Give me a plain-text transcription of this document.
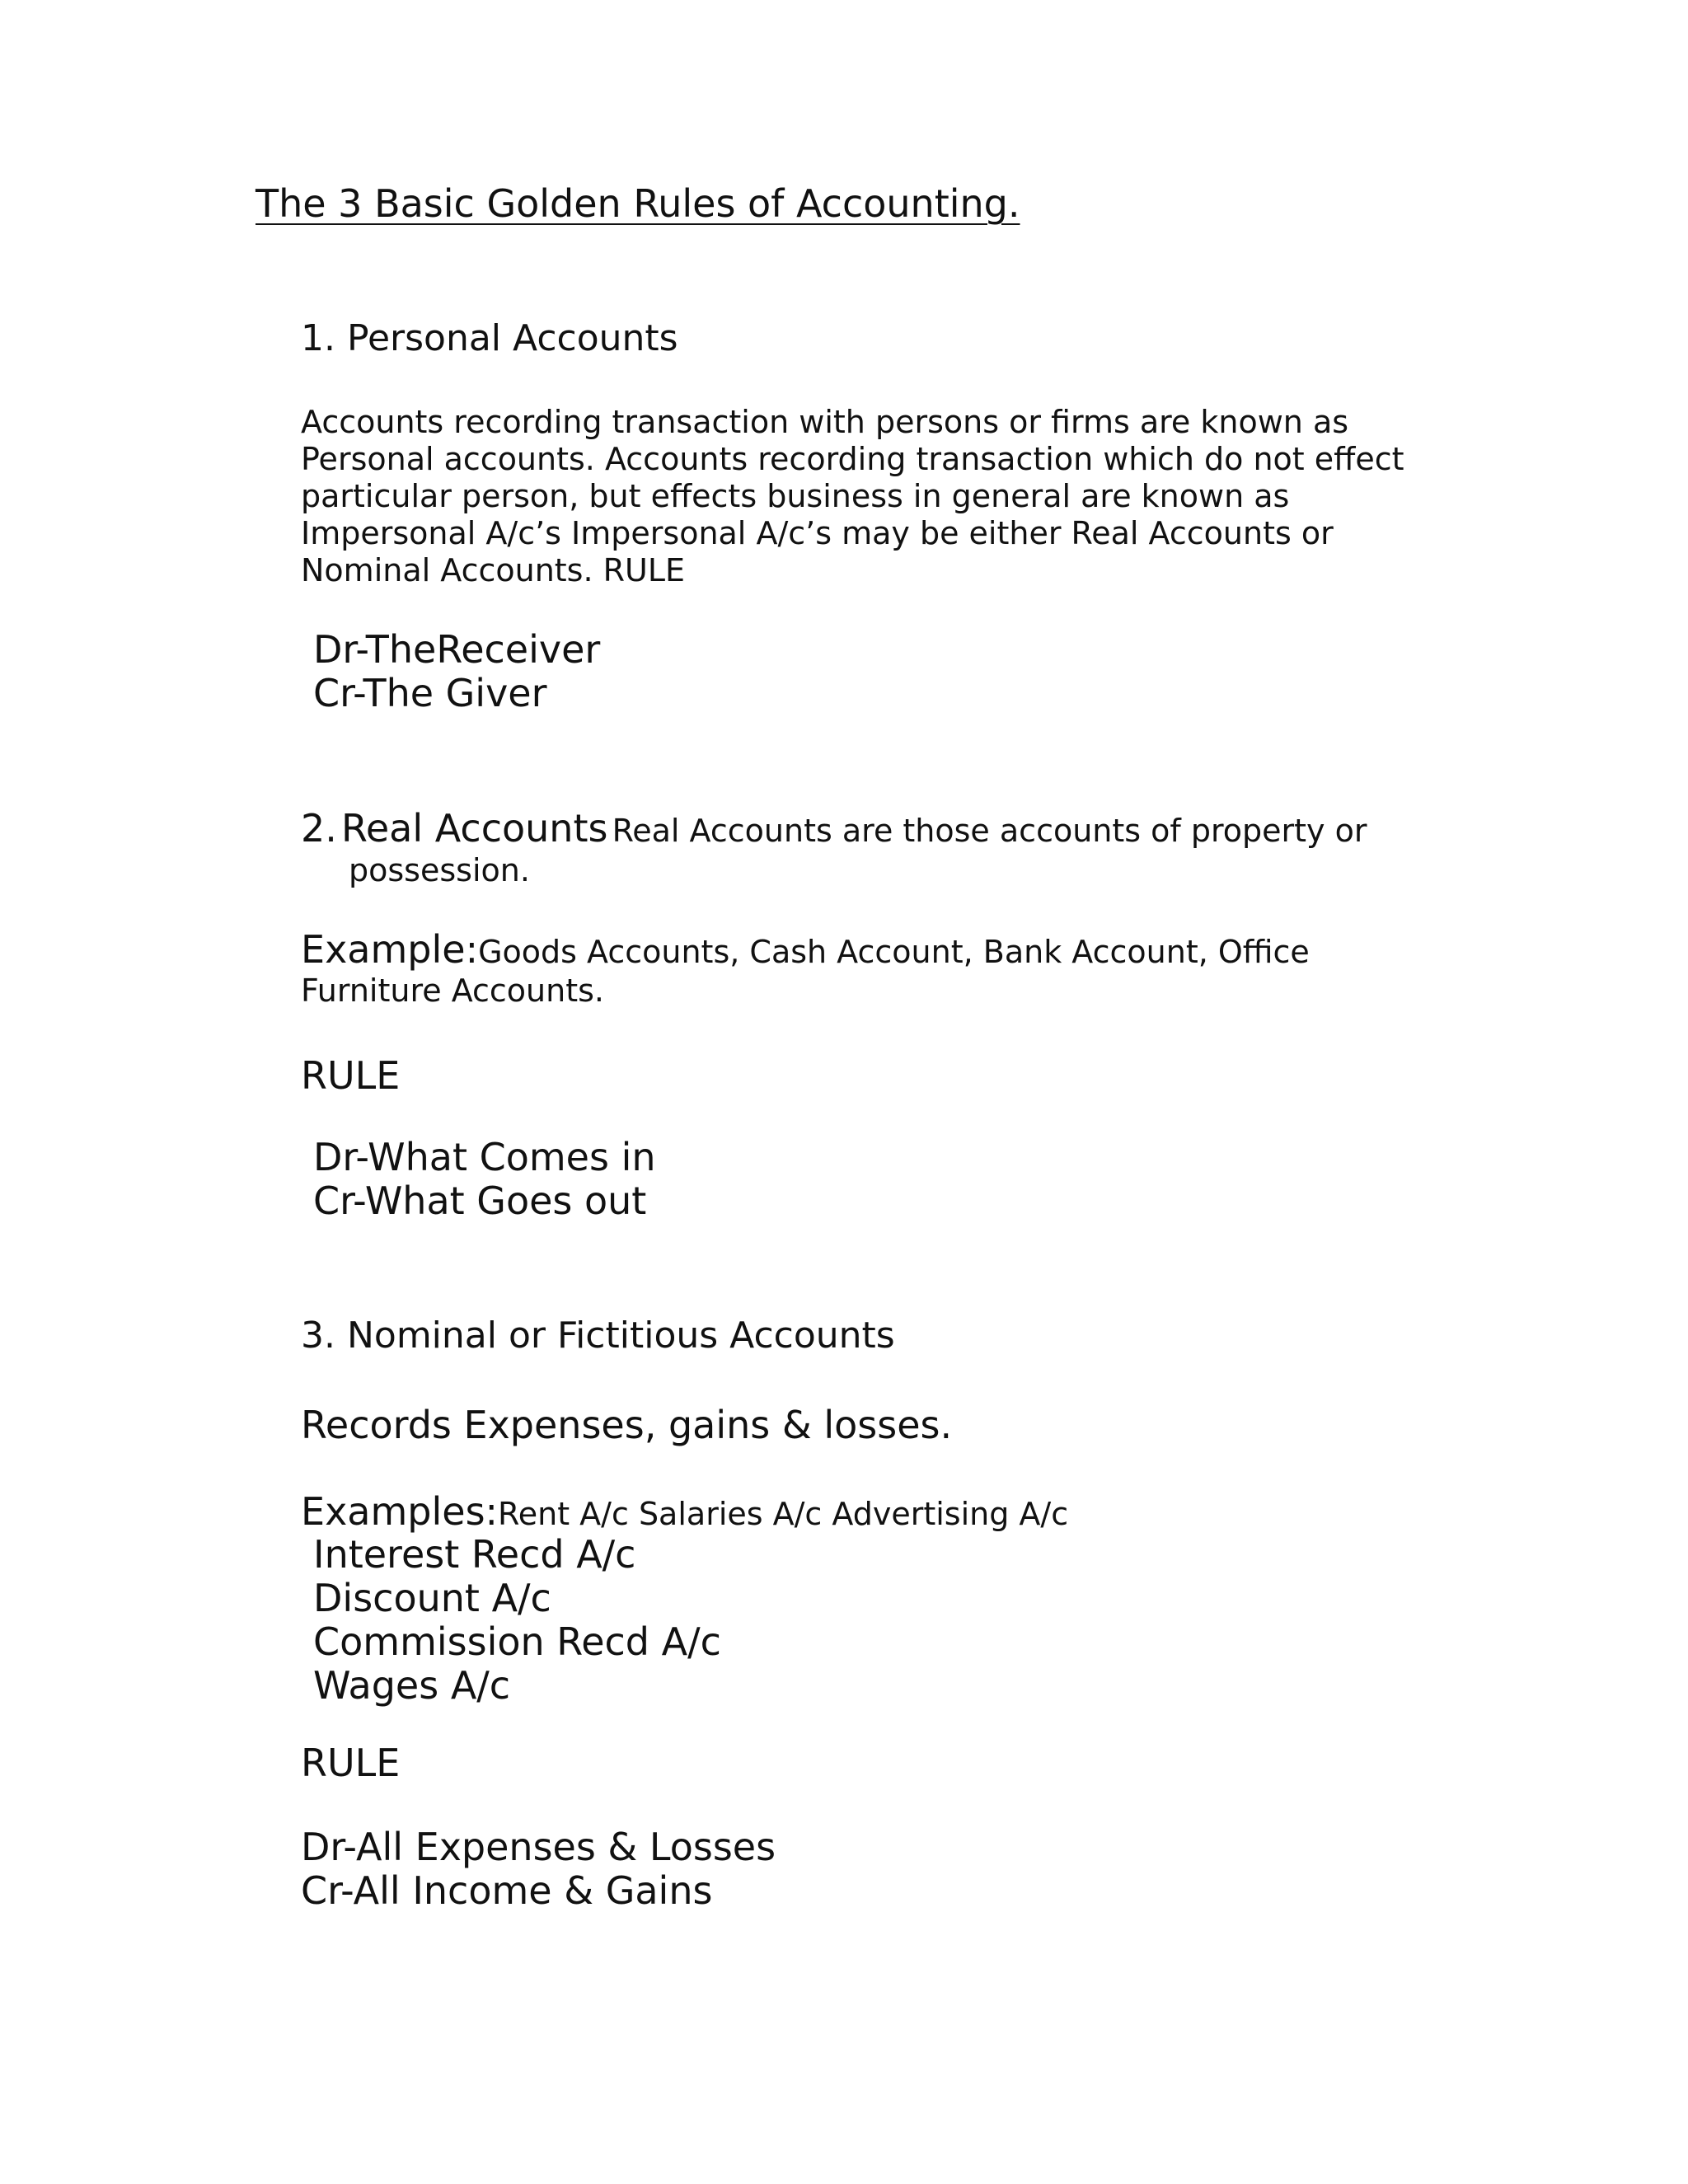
The 3 Basic Golden Rules of Accounting.
1. Personal Accounts
Accounts recording transaction with persons or firms are known as
Personal accounts. Accounts recording transaction which do not effect
particular person, but effects business in general are known as
Impersonal A/c’s Impersonal A/c’s may be either Real Accounts or
Nominal Accounts. RULE
Dr-TheReceiver
Cr-The Giver
2. Real Accounts Real Accounts are those accounts of property or
possession.
Example:Goods Accounts, Cash Account, Bank Account, Office
Furniture Accounts.
RULE
Dr-What Comes in
Cr-What Goes out
3. Nominal or Fictitious Accounts
Records Expenses, gains & losses.
Examples:Rent A/c Salaries A/c Advertising A/c
Interest Recd A/c
Discount A/c
Commission Recd A/c
Wages A/c
RULE
Dr-All Expenses & Losses
Cr-All Income & Gains
